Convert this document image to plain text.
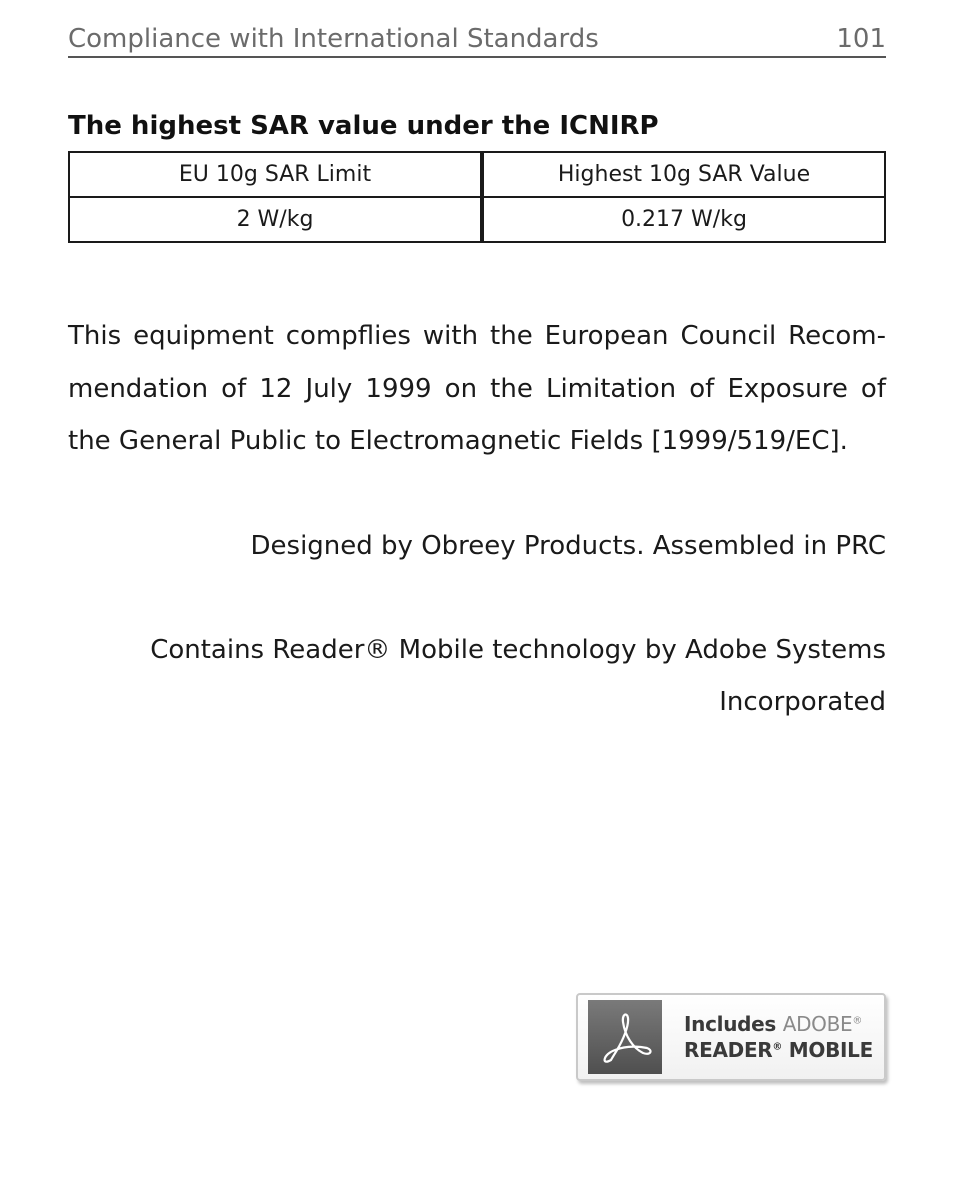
Compliance with International Standards	101
The highest SAR value under the ICNIRP
EU 10g SAR Limit	Highest 10g SAR Value
2 W/kg	0.217 W/kg

This equipment compflies with the European Council Recommendation of 12 July 1999 on the Limitation of Exposure of the General Public to Electromagnetic Fields [1999/519/EC].

Designed by Obreey Products. Assembled in PRC

Contains Reader® Mobile technology by Adobe Systems Incorporated

Includes ADOBE®
READER® MOBILE
